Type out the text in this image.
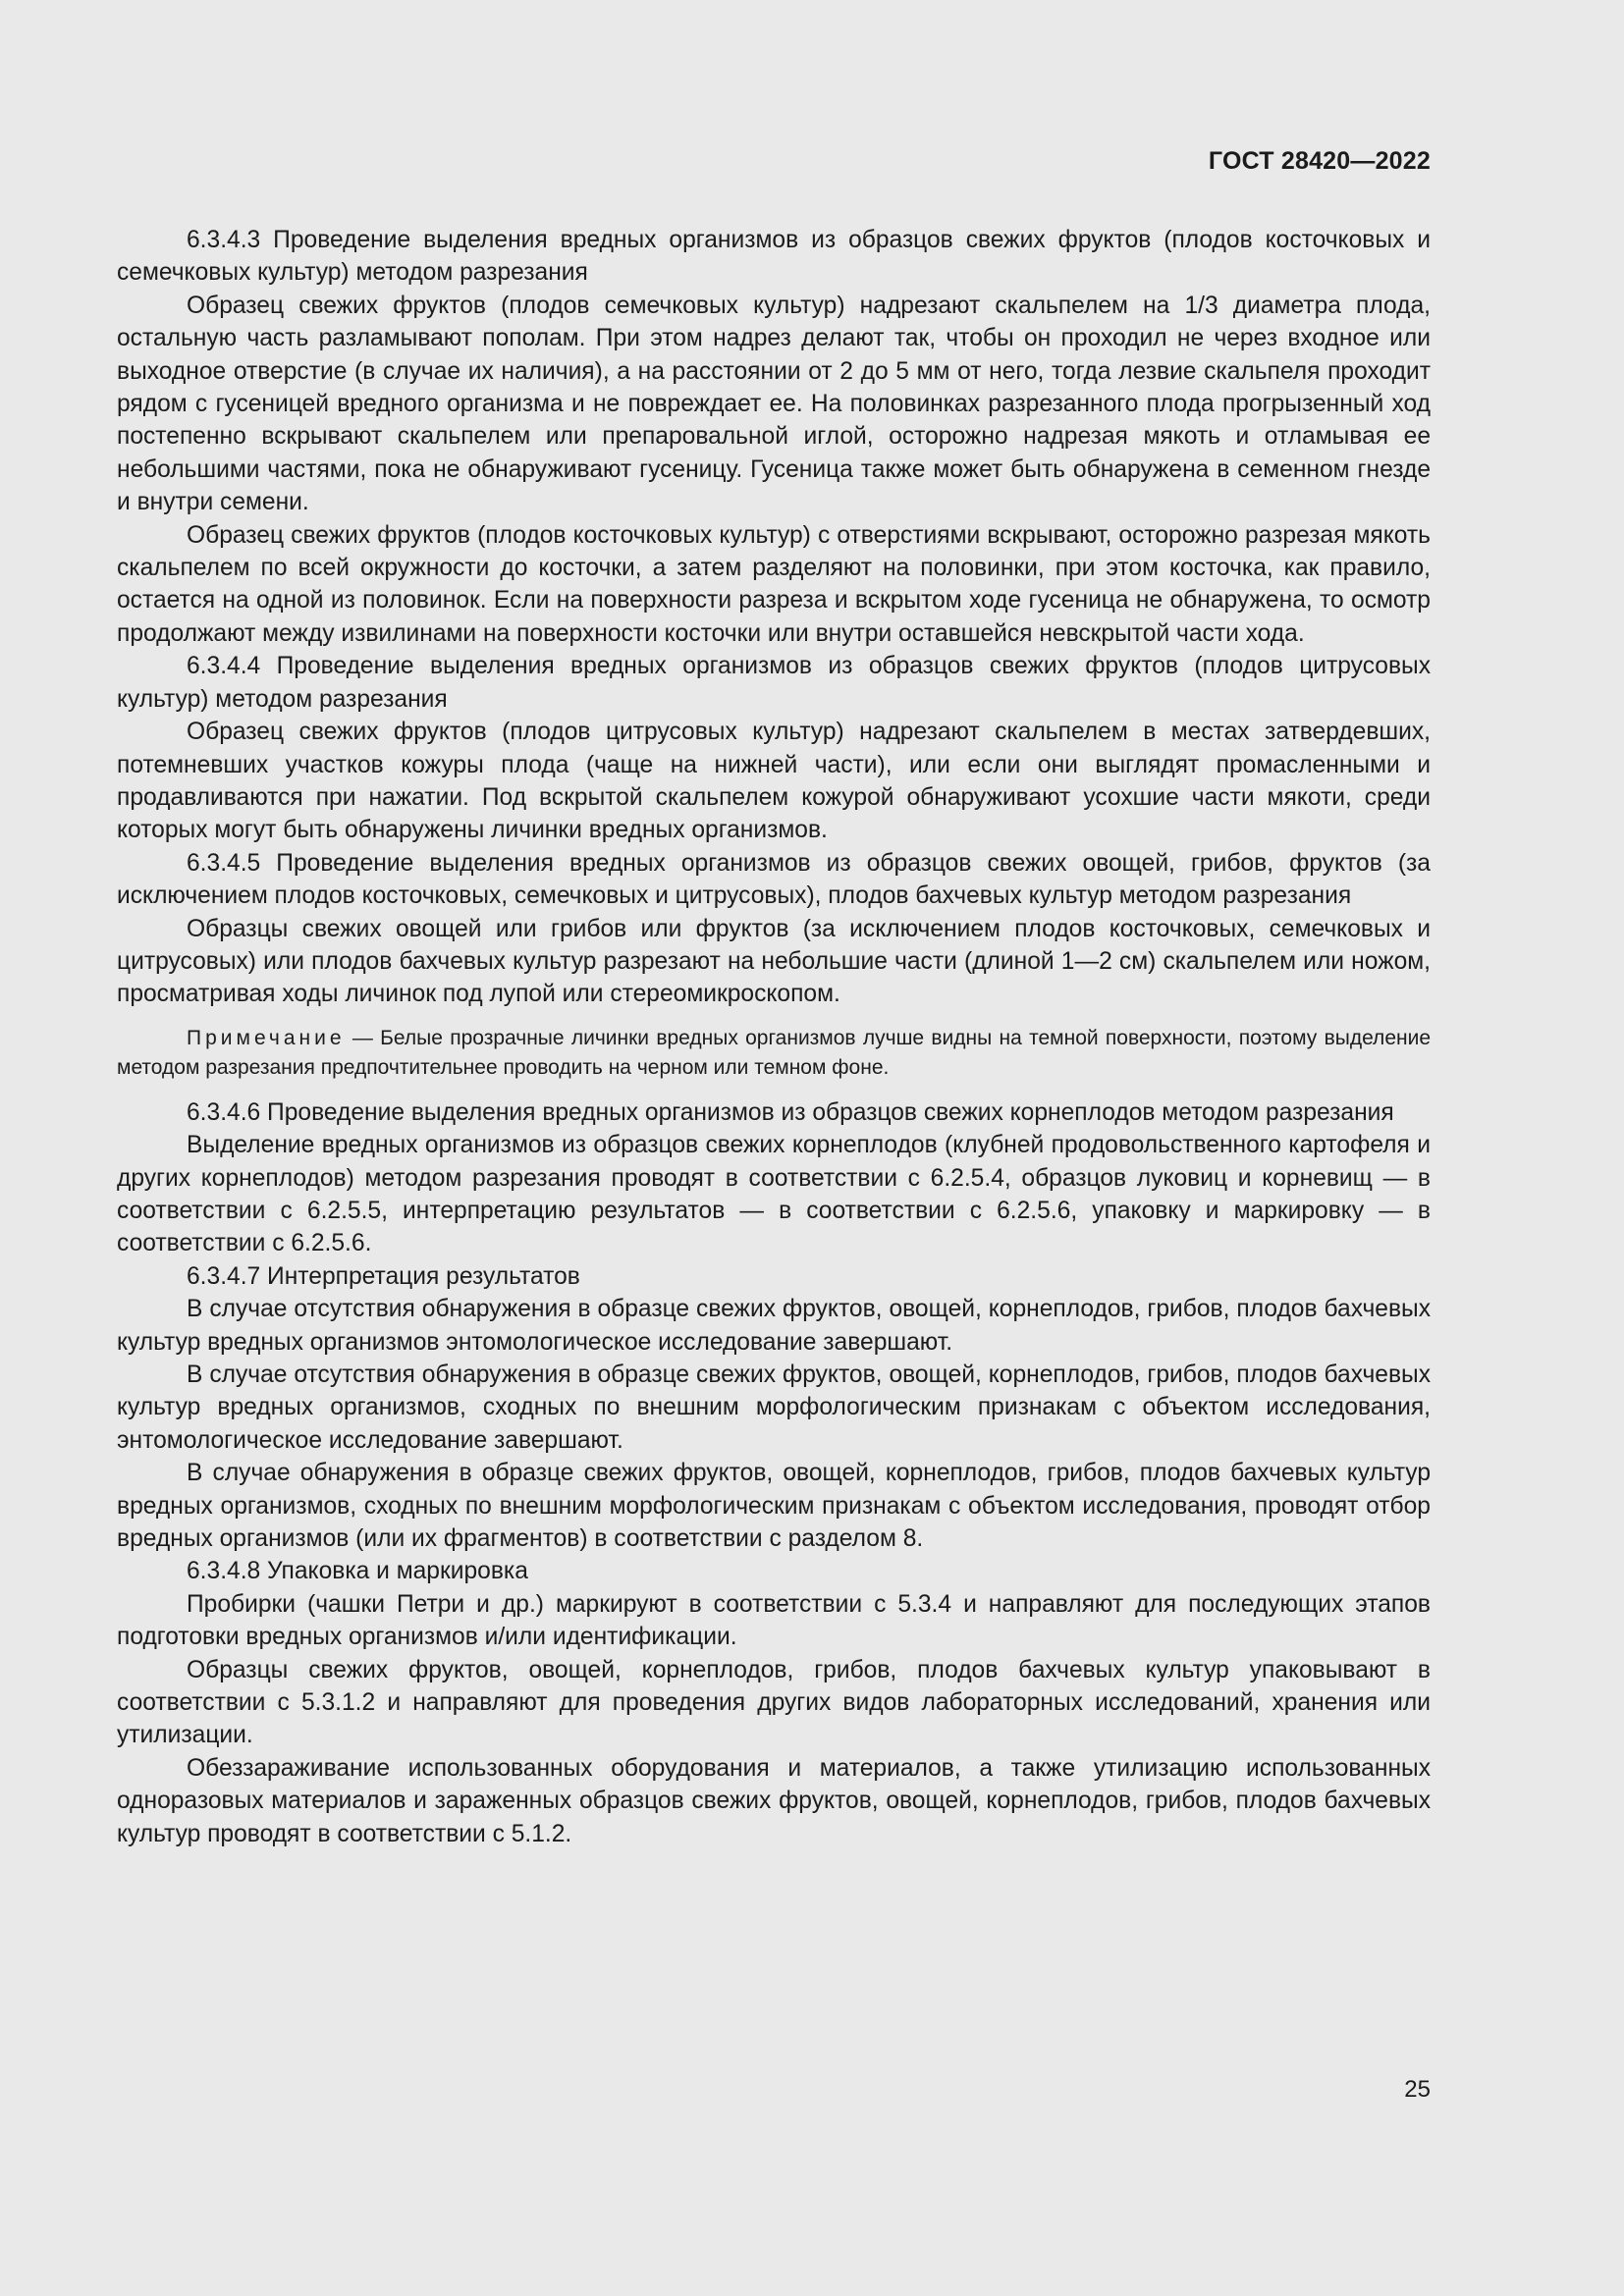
ГОСТ 28420—2022

6.3.4.3 Проведение выделения вредных организмов из образцов свежих фруктов (плодов косточковых и семечковых культур) методом разрезания

Образец свежих фруктов (плодов семечковых культур) надрезают скальпелем на 1/3 диаметра плода, остальную часть разламывают пополам. При этом надрез делают так, чтобы он проходил не через входное или выходное отверстие (в случае их наличия), а на расстоянии от 2 до 5 мм от него, тогда лезвие скальпеля проходит рядом с гусеницей вредного организма и не повреждает ее. На половинках разрезанного плода прогрызенный ход постепенно вскрывают скальпелем или препаровальной иглой, осторожно надрезая мякоть и отламывая ее небольшими частями, пока не обнаруживают гусеницу. Гусеница также может быть обнаружена в семенном гнезде и внутри семени.

Образец свежих фруктов (плодов косточковых культур) с отверстиями вскрывают, осторожно разрезая мякоть скальпелем по всей окружности до косточки, а затем разделяют на половинки, при этом косточка, как правило, остается на одной из половинок. Если на поверхности разреза и вскрытом ходе гусеница не обнаружена, то осмотр продолжают между извилинами на поверхности косточки или внутри оставшейся невскрытой части хода.

6.3.4.4 Проведение выделения вредных организмов из образцов свежих фруктов (плодов цитрусовых культур) методом разрезания

Образец свежих фруктов (плодов цитрусовых культур) надрезают скальпелем в местах затвердевших, потемневших участков кожуры плода (чаще на нижней части), или если они выглядят промасленными и продавливаются при нажатии. Под вскрытой скальпелем кожурой обнаруживают усохшие части мякоти, среди которых могут быть обнаружены личинки вредных организмов.

6.3.4.5 Проведение выделения вредных организмов из образцов свежих овощей, грибов, фруктов (за исключением плодов косточковых, семечковых и цитрусовых), плодов бахчевых культур методом разрезания

Образцы свежих овощей или грибов или фруктов (за исключением плодов косточковых, семечковых и цитрусовых) или плодов бахчевых культур разрезают на небольшие части (длиной 1—2 см) скальпелем или ножом, просматривая ходы личинок под лупой или стереомикроскопом.

Примечание — Белые прозрачные личинки вредных организмов лучше видны на темной поверхности, поэтому выделение методом разрезания предпочтительнее проводить на черном или темном фоне.

6.3.4.6 Проведение выделения вредных организмов из образцов свежих корнеплодов методом разрезания

Выделение вредных организмов из образцов свежих корнеплодов (клубней продовольственного картофеля и других корнеплодов) методом разрезания проводят в соответствии с 6.2.5.4, образцов луковиц и корневищ — в соответствии с 6.2.5.5, интерпретацию результатов — в соответствии с 6.2.5.6, упаковку и маркировку — в соответствии с 6.2.5.6.

6.3.4.7 Интерпретация результатов

В случае отсутствия обнаружения в образце свежих фруктов, овощей, корнеплодов, грибов, плодов бахчевых культур вредных организмов энтомологическое исследование завершают.

В случае отсутствия обнаружения в образце свежих фруктов, овощей, корнеплодов, грибов, плодов бахчевых культур вредных организмов, сходных по внешним морфологическим признакам с объектом исследования, энтомологическое исследование завершают.

В случае обнаружения в образце свежих фруктов, овощей, корнеплодов, грибов, плодов бахчевых культур вредных организмов, сходных по внешним морфологическим признакам с объектом исследования, проводят отбор вредных организмов (или их фрагментов) в соответствии с разделом 8.

6.3.4.8 Упаковка и маркировка

Пробирки (чашки Петри и др.) маркируют в соответствии с 5.3.4 и направляют для последующих этапов подготовки вредных организмов и/или идентификации.

Образцы свежих фруктов, овощей, корнеплодов, грибов, плодов бахчевых культур упаковывают в соответствии с 5.3.1.2 и направляют для проведения других видов лабораторных исследований, хранения или утилизации.

Обеззараживание использованных оборудования и материалов, а также утилизацию использованных одноразовых материалов и зараженных образцов свежих фруктов, овощей, корнеплодов, грибов, плодов бахчевых культур проводят в соответствии с 5.1.2.

25
